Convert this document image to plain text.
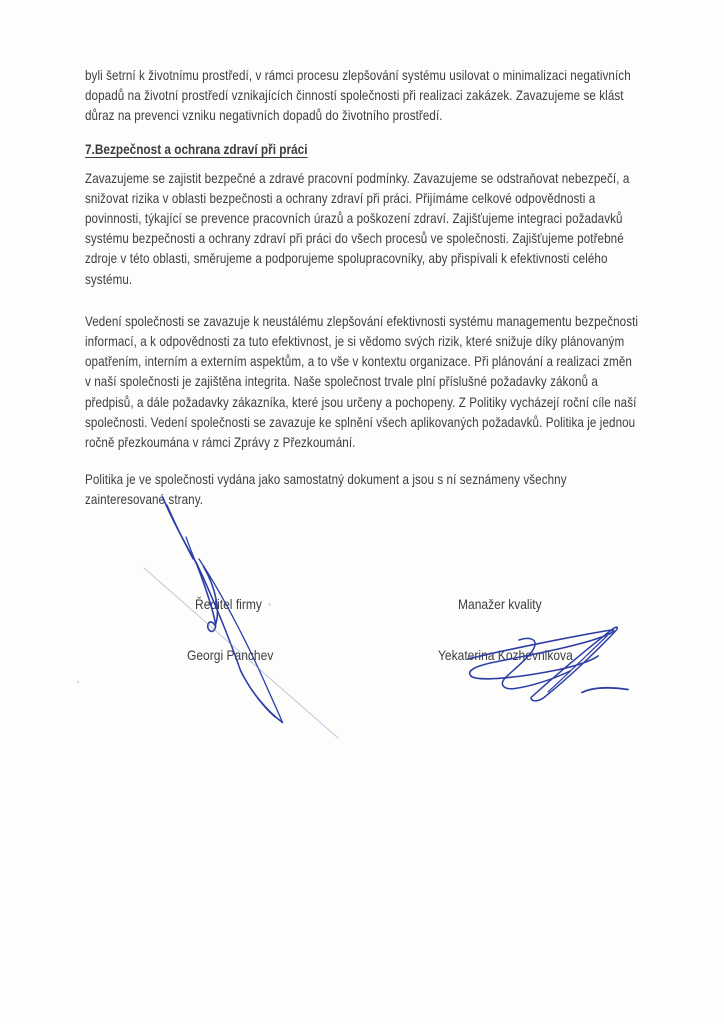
byli šetrní k životnímu prostředí, v rámci procesu zlepšování systému usilovat o minimalizaci negativních dopadů na životní prostředí vznikajících činností společnosti při realizaci zakázek. Zavazujeme se klást důraz na prevenci vzniku negativních dopadů do životního prostředí.

7.Bezpečnost a ochrana zdraví při práci

Zavazujeme se zajistit bezpečné a zdravé pracovní podmínky. Zavazujeme se odstraňovat nebezpečí, a snižovat rizika v oblasti bezpečnosti a ochrany zdraví při práci. Přijímáme celkové odpovědnosti a povinnosti, týkající se prevence pracovních úrazů a poškození zdraví. Zajišťujeme integraci požadavků systému bezpečnosti a ochrany zdraví při práci do všech procesů ve společnosti. Zajišťujeme potřebné zdroje v této oblasti, směrujeme a podporujeme spolupracovníky, aby přispívali k efektivnosti celého systému.

Vedení společnosti se zavazuje k neustálému zlepšování efektivnosti systému managementu bezpečnosti informací, a k odpovědnosti za tuto efektivnost, je si vědomo svých rizik, které snižuje díky plánovaným opatřením, interním a externím aspektům, a to vše v kontextu organizace. Při plánování a realizaci změn v naší společnosti je zajištěna integrita. Naše společnost trvale plní příslušné požadavky zákonů a předpisů, a dále požadavky zákazníka, které jsou určeny a pochopeny. Z Politiky vycházejí roční cíle naší společnosti. Vedení společnosti se zavazuje ke splnění všech aplikovaných požadavků. Politika je jednou ročně přezkoumána v rámci Zprávy z Přezkoumání.

Politika je ve společnosti vydána jako samostatný dokument a jsou s ní seznámeny všechny zainteresované strany.

Ředitel firmy	Manažer kvality
Georgi Panchev	Yekaterina Kozhevnikova
